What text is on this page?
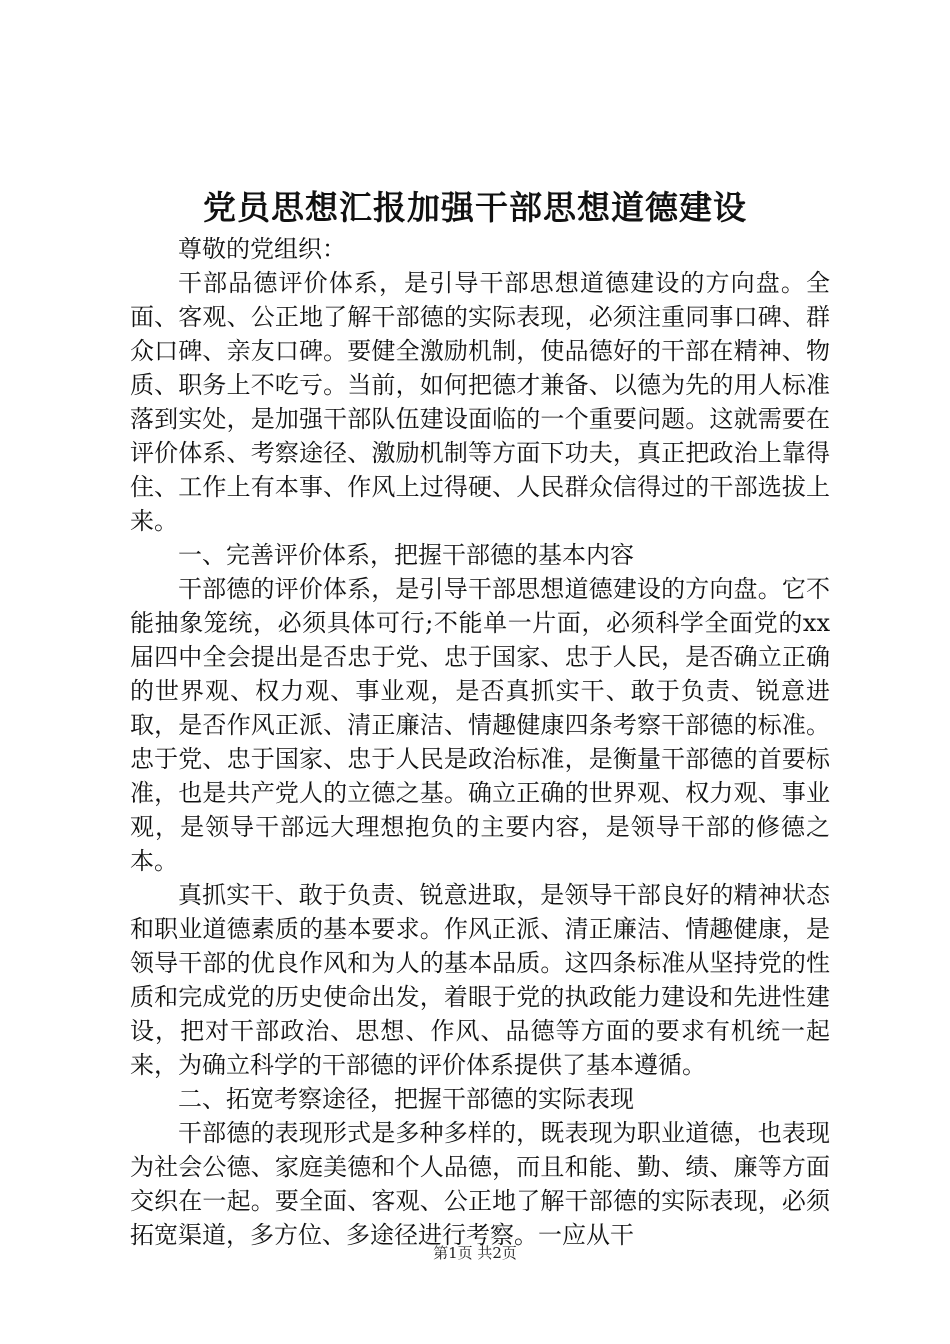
党员思想汇报加强干部思想道德建设

尊敬的党组织：

干部品德评价体系，是引导干部思想道德建设的方向盘。全面、客观、公正地了解干部德的实际表现，必须注重同事口碑、群众口碑、亲友口碑。要健全激励机制，使品德好的干部在精神、物质、职务上不吃亏。当前，如何把德才兼备、以德为先的用人标准落到实处，是加强干部队伍建设面临的一个重要问题。这就需要在评价体系、考察途径、激励机制等方面下功夫，真正把政治上靠得住、工作上有本事、作风上过得硬、人民群众信得过的干部选拔上来。

一、完善评价体系，把握干部德的基本内容

干部德的评价体系，是引导干部思想道德建设的方向盘。它不能抽象笼统，必须具体可行;不能单一片面，必须科学全面党的xx届四中全会提出是否忠于党、忠于国家、忠于人民，是否确立正确的世界观、权力观、事业观，是否真抓实干、敢于负责、锐意进取，是否作风正派、清正廉洁、情趣健康四条考察干部德的标准。忠于党、忠于国家、忠于人民是政治标准，是衡量干部德的首要标准，也是共产党人的立德之基。确立正确的世界观、权力观、事业观，是领导干部远大理想抱负的主要内容，是领导干部的修德之本。

真抓实干、敢于负责、锐意进取，是领导干部良好的精神状态和职业道德素质的基本要求。作风正派、清正廉洁、情趣健康，是领导干部的优良作风和为人的基本品质。这四条标准从坚持党的性质和完成党的历史使命出发，着眼于党的执政能力建设和先进性建设，把对干部政治、思想、作风、品德等方面的要求有机统一起来，为确立科学的干部德的评价体系提供了基本遵循。

二、拓宽考察途径，把握干部德的实际表现

干部德的表现形式是多种多样的，既表现为职业道德，也表现为社会公德、家庭美德和个人品德，而且和能、勤、绩、廉等方面交织在一起。要全面、客观、公正地了解干部德的实际表现，必须拓宽渠道，多方位、多途径进行考察。一应从干

第1页 共2页
